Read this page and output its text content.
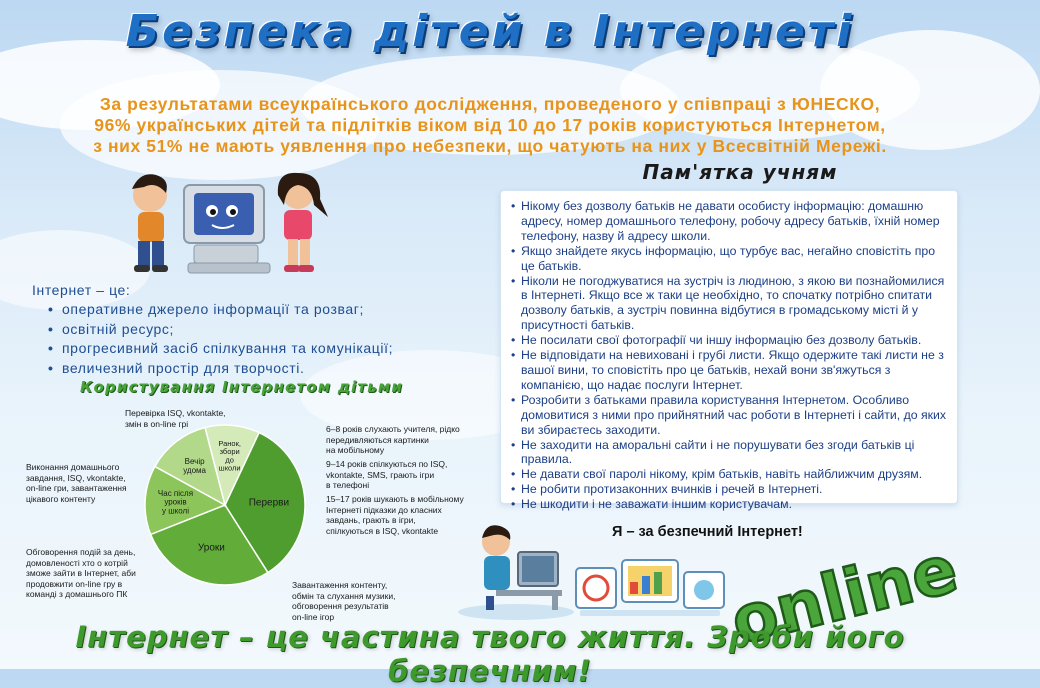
Безпека дітей в Інтернеті
За результатами всеукраїнського дослідження, проведеного у співпраці з ЮНЕСКО,
96% українських дітей та підлітків віком від 10 до 17 років користуються Інтернетом,
з них 51% не мають уявлення про небезпеки, що чатують на них у Всесвітній Мережі.
Пам'ятка учням
• Нікому без дозволу батьків не давати особисту інформацію: домашню адресу, номер домашнього телефону, робочу адресу батьків, їхній номер телефону, назву й адресу школи.
• Якщо знайдете якусь інформацію, що турбує вас, негайно сповістіть про це батьків.
• Ніколи не погоджуватися на зустріч із людиною, з якою ви познайомилися в Інтернеті. Якщо все ж таки це необхідно, то спочатку потрібно спитати дозволу батьків, а зустріч повинна відбутися в громадському місті й у присутності батьків.
• Не посилати свої фотографії чи іншу інформацію без дозволу батьків.
• Не відповідати на невиховані і грубі листи. Якщо одержите такі листи не з вашої вини, то сповістіть про це батьків, нехай вони зв'яжуться з компанією, що надає послуги Інтернет.
• Розробити з батьками правила користування Інтернетом. Особливо домовитися з ними про прийнятний час роботи в Інтернеті і сайти, до яких ви збираєтесь заходити.
• Не заходити на аморальні сайти і не порушувати без згоди батьків ці правила.
• Не давати свої паролі нікому, крім батьків, навіть найближчим друзям.
• Не робити протизаконних вчинків і речей в Інтернеті.
• Не шкодити і не заважати іншим користувачам.
Інтернет – це:
• оперативне джерело інформації та розваг;
• освітній ресурс;
• прогресивний засіб спілкування та комунікації;
• величезний простір для творчості.
Користування Інтернетом дітьми
Перерви
Уроки
Час після уроків у школі
Вечір удома
Ранок, збори до школи
Перевірка ISQ, vkontakte,
змін в on-line грі
Виконання домашнього
завдання, ISQ, vkontakte,
on-line гри, завантаження
цікавого контенту
Обговорення подій за день,
домовленості хто о котрій
зможе зайти в Інтернет, аби
продовжити on-line гру в
команді з домашнього ПК
6–8 років слухають учителя, рідко
передивляються картинки
на мобільному
9–14 років спілкуються по ISQ,
vkontakte, SMS, грають ігри
в телефоні
15–17 років шукають в мобільному
Інтернеті підказки до класних
завдань, грають в ігри,
спілкуються в ISQ, vkontakte
Завантаження контенту,
обмін та слухання музики,
обговорення результатів
on-line ігор
Я – за безпечний Інтернет!
online
Інтернет – це частина твого життя. Зроби його безпечним!
